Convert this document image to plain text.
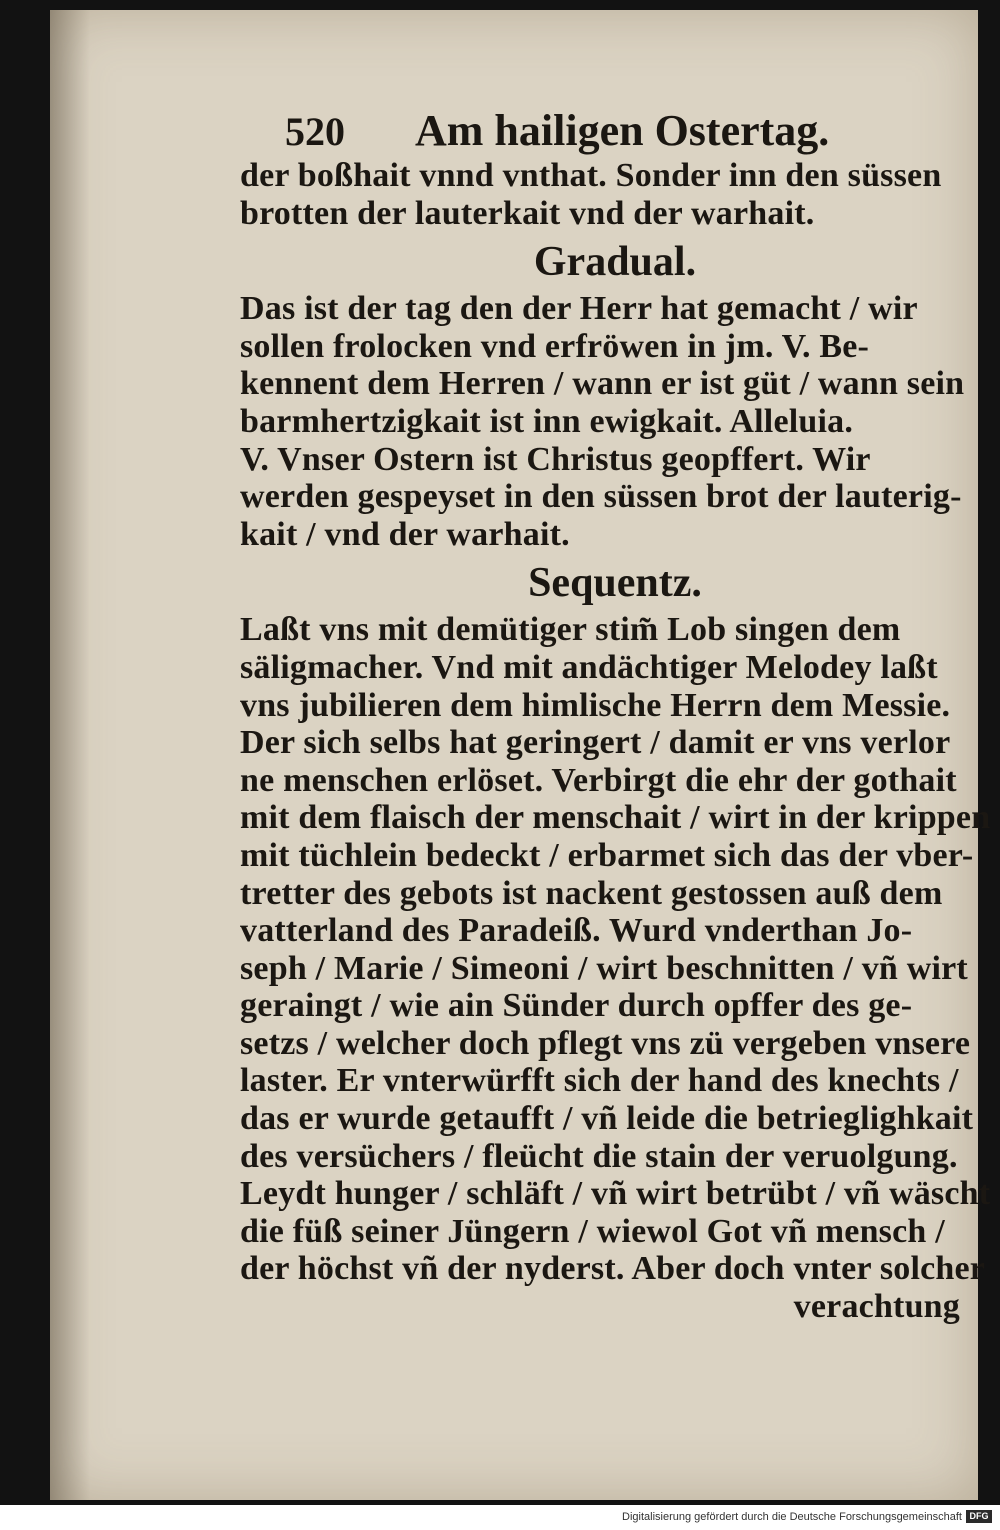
520 Am hailigen Ostertag.
der boßhait vnnd vnthat. Sonder inn den süssen
brotten der lauterkait vnd der warhait.
Gradual.
Das ist der tag den der Herr hat gemacht / wir
sollen frolocken vnd erfröwen in jm. V. Be-
kennent dem Herren / wann er ist güt / wann sein
barmhertzigkait ist inn ewigkait. Alleluia.
V. Vnser Ostern ist Christus geopffert. Wir
werden gespeyset in den süssen brot der lauterig-
kait / vnd der warhait.
Sequentz.
Laßt vns mit demütiger stim̃ Lob singen dem
säligmacher. Vnd mit andächtiger Melodey laßt
vns jubilieren dem himlische Herrn dem Messie.
Der sich selbs hat geringert / damit er vns verlor
ne menschen erlöset. Verbirgt die ehr der gothait
mit dem flaisch der menschait / wirt in der krippen
mit tüchlein bedeckt / erbarmet sich das der vber-
tretter des gebots ist nackent gestossen auß dem
vatterland des Paradeiß. Wurd vnderthan Jo-
seph / Marie / Simeoni / wirt beschnitten / vñ wirt
geraingt / wie ain Sünder durch opffer des ge-
setzs / welcher doch pflegt vns zü vergeben vnsere
laster. Er vnterwürfft sich der hand des knechts /
das er wurde getaufft / vñ leide die betrieglighkait
des versüchers / fleücht die stain der veruolgung.
Leydt hunger / schläft / vñ wirt betrübt / vñ wäscht
die füß seiner Jüngern / wiewol Got vñ mensch /
der höchst vñ der nyderst. Aber doch vnter solcher
verachtung
Digitalisierung gefördert durch die Deutsche Forschungsgemeinschaft DFG
